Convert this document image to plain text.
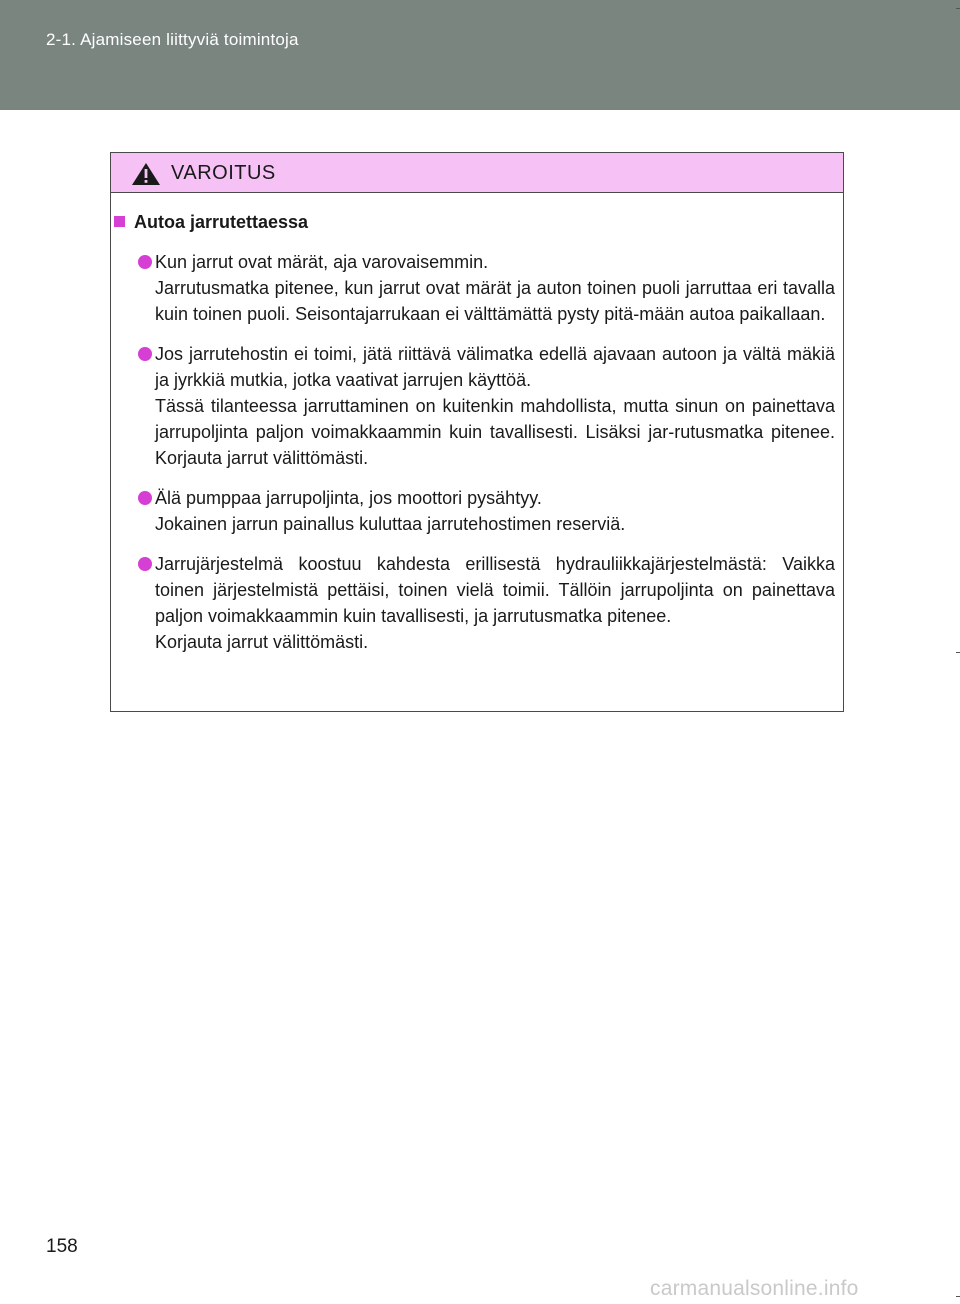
2-1. Ajamiseen liittyviä toimintoja
VAROITUS
Autoa jarrutettaessa
Kun jarrut ovat märät, aja varovaisemmin.
Jarrutusmatka pitenee, kun jarrut ovat märät ja auton toinen puoli jarruttaa eri tavalla kuin toinen puoli. Seisontajarrukaan ei välttämättä pysty pitä-mään autoa paikallaan.
Jos jarrutehostin ei toimi, jätä riittävä välimatka edellä ajavaan autoon ja vältä mäkiä ja jyrkkiä mutkia, jotka vaativat jarrujen käyttöä.
Tässä tilanteessa jarruttaminen on kuitenkin mahdollista, mutta sinun on painettava jarrupoljinta paljon voimakkaammin kuin tavallisesti. Lisäksi jar-rutusmatka pitenee. Korjauta jarrut välittömästi.
Älä pumppaa jarrupoljinta, jos moottori pysähtyy.
Jokainen jarrun painallus kuluttaa jarrutehostimen reserviä.
Jarrujärjestelmä koostuu kahdesta erillisestä hydrauliikkajärjestelmästä: Vaikka toinen järjestelmistä pettäisi, toinen vielä toimii. Tällöin jarrupoljinta on painettava paljon voimakkaammin kuin tavallisesti, ja jarrutusmatka pitenee.
Korjauta jarrut välittömästi.
158
carmanualsonline.info
